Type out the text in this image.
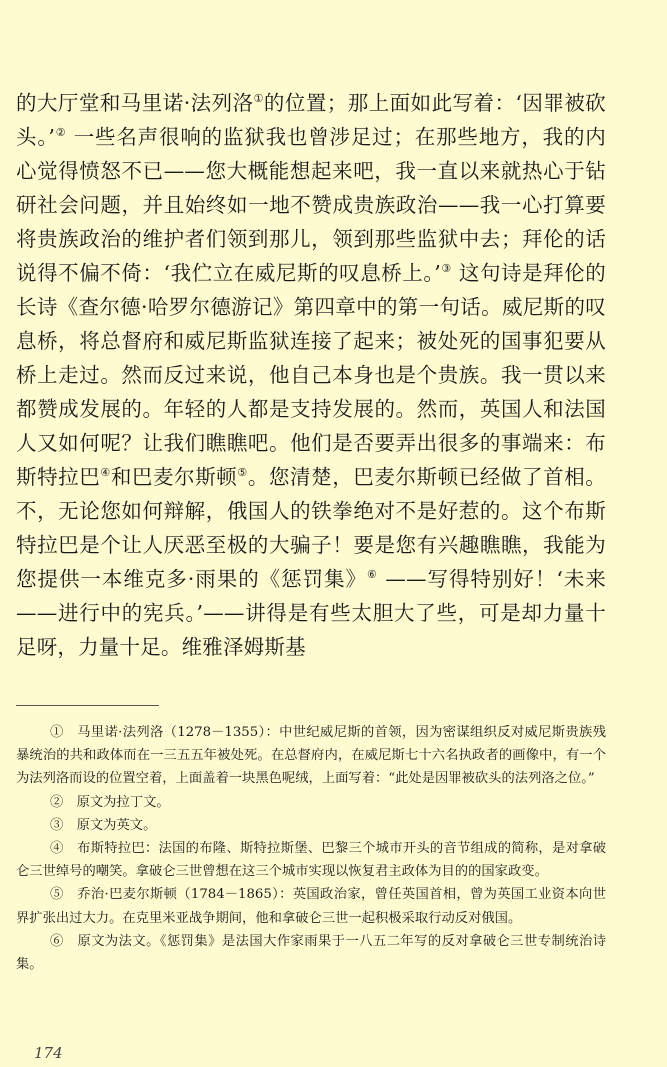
的大厅堂和马里诺·法列洛①的位置；那上面如此写着：‘因罪被砍头。’② 一些名声很响的监狱我也曾涉足过；在那些地方，我的内心觉得愤怒不已——您大概能想起来吧，我一直以来就热心于钻研社会问题，并且始终如一地不赞成贵族政治——我一心打算要将贵族政治的维护者们领到那儿，领到那些监狱中去；拜伦的话说得不偏不倚：‘我伫立在威尼斯的叹息桥上。’③ 这句诗是拜伦的长诗《查尔德·哈罗尔德游记》第四章中的第一句话。威尼斯的叹息桥，将总督府和威尼斯监狱连接了起来；被处死的国事犯要从桥上走过。然而反过来说，他自己本身也是个贵族。我一贯以来都赞成发展的。年轻的人都是支持发展的。然而，英国人和法国人又如何呢？让我们瞧瞧吧。他们是否要弄出很多的事端来：布斯特拉巴④和巴麦尔斯顿⑤。您清楚，巴麦尔斯顿已经做了首相。不，无论您如何辩解，俄国人的铁拳绝对不是好惹的。这个布斯特拉巴是个让人厌恶至极的大骗子！要是您有兴趣瞧瞧，我能为您提供一本维克多·雨果的《惩罚集》⑥ ——写得特别好！‘未来——进行中的宪兵。’——讲得是有些太胆大了些，可是却力量十足呀，力量十足。维雅泽姆斯基

①　马里诺·法列洛（1278－1355）：中世纪威尼斯的首领，因为密谋组织反对威尼斯贵族残暴统治的共和政体而在一三五五年被处死。在总督府内，在威尼斯七十六名执政者的画像中，有一个为法列洛而设的位置空着，上面盖着一块黑色呢绒，上面写着：“此处是因罪被砍头的法列洛之位。”

②　原文为拉丁文。

③　原文为英文。

④　布斯特拉巴：法国的布隆、斯特拉斯堡、巴黎三个城市开头的音节组成的简称，是对拿破仑三世绰号的嘲笑。拿破仑三世曾想在这三个城市实现以恢复君主政体为目的的国家政变。

⑤　乔治·巴麦尔斯顿（1784－1865）：英国政治家，曾任英国首相，曾为英国工业资本向世界扩张出过大力。在克里米亚战争期间，他和拿破仑三世一起积极采取行动反对俄国。

⑥　原文为法文。《惩罚集》是法国大作家雨果于一八五二年写的反对拿破仑三世专制统治诗集。

174
